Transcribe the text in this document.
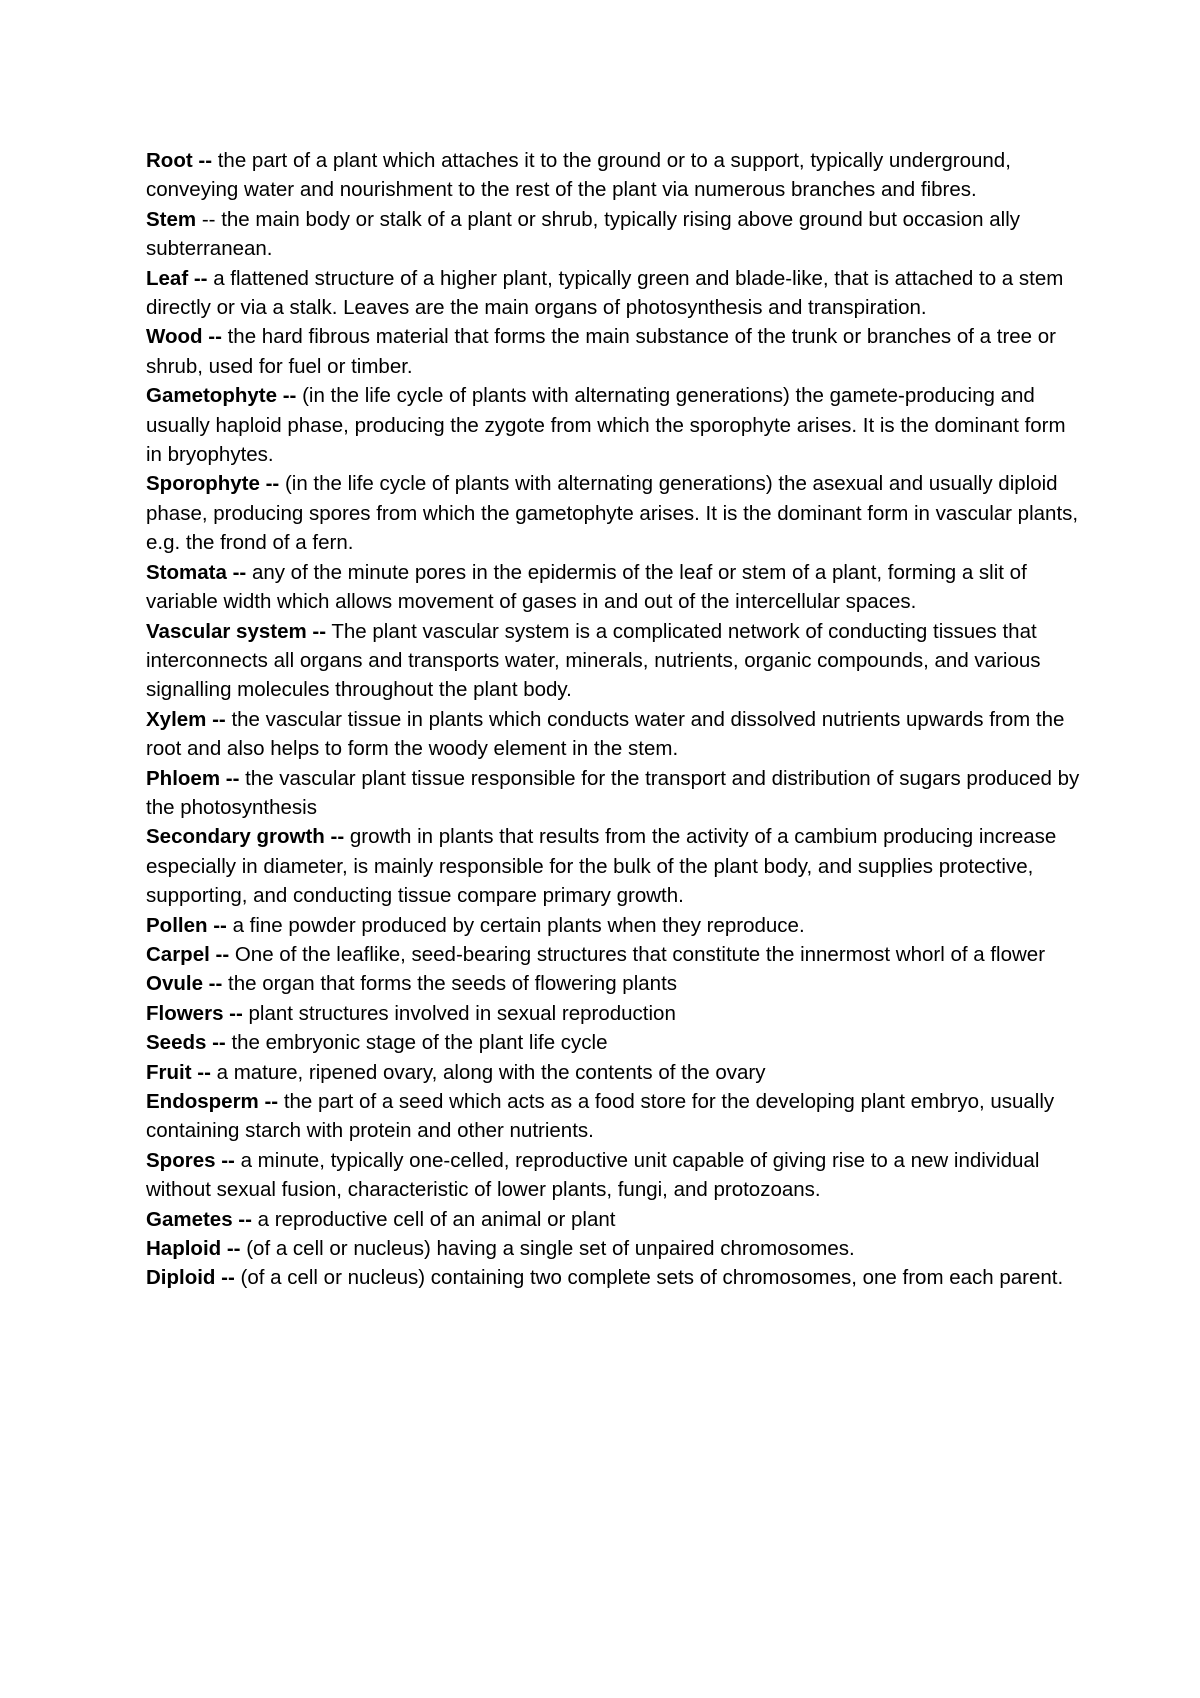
Root -- the part of a plant which attaches it to the ground or to a support, typically underground, conveying water and nourishment to the rest of the plant via numerous branches and fibres.

Stem -- the main body or stalk of a plant or shrub, typically rising above ground but occasion ally subterranean.

Leaf -- a flattened structure of a higher plant, typically green and blade-like, that is attached to a stem directly or via a stalk. Leaves are the main organs of photosynthesis and transpiration.

Wood -- the hard fibrous material that forms the main substance of the trunk or branches of a tree or shrub, used for fuel or timber.

Gametophyte -- (in the life cycle of plants with alternating generations) the gamete-producing and usually haploid phase, producing the zygote from which the sporophyte arises. It is the dominant form in bryophytes.

Sporophyte -- (in the life cycle of plants with alternating generations) the asexual and usually diploid phase, producing spores from which the gametophyte arises. It is the dominant form in vascular plants, e.g. the frond of a fern.

Stomata -- any of the minute pores in the epidermis of the leaf or stem of a plant, forming a slit of variable width which allows movement of gases in and out of the intercellular spaces.

Vascular system -- The plant vascular system is a complicated network of conducting tissues that interconnects all organs and transports water, minerals, nutrients, organic compounds, and various signalling molecules throughout the plant body.

Xylem -- the vascular tissue in plants which conducts water and dissolved nutrients upwards from the root and also helps to form the woody element in the stem.

Phloem -- the vascular plant tissue responsible for the transport and distribution of sugars produced by the photosynthesis

Secondary growth -- growth in plants that results from the activity of a cambium producing increase especially in diameter, is mainly responsible for the bulk of the plant body, and supplies protective, supporting, and conducting tissue compare primary growth.

Pollen -- a fine powder produced by certain plants when they reproduce.

Carpel -- One of the leaflike, seed-bearing structures that constitute the innermost whorl of a flower

Ovule -- the organ that forms the seeds of flowering plants

Flowers -- plant structures involved in sexual reproduction

Seeds -- the embryonic stage of the plant life cycle

Fruit -- a mature, ripened ovary, along with the contents of the ovary

Endosperm -- the part of a seed which acts as a food store for the developing plant embryo, usually containing starch with protein and other nutrients.

Spores -- a minute, typically one-celled, reproductive unit capable of giving rise to a new individual without sexual fusion, characteristic of lower plants, fungi, and protozoans.

Gametes -- a reproductive cell of an animal or plant

Haploid -- (of a cell or nucleus) having a single set of unpaired chromosomes.

Diploid -- (of a cell or nucleus) containing two complete sets of chromosomes, one from each parent.
